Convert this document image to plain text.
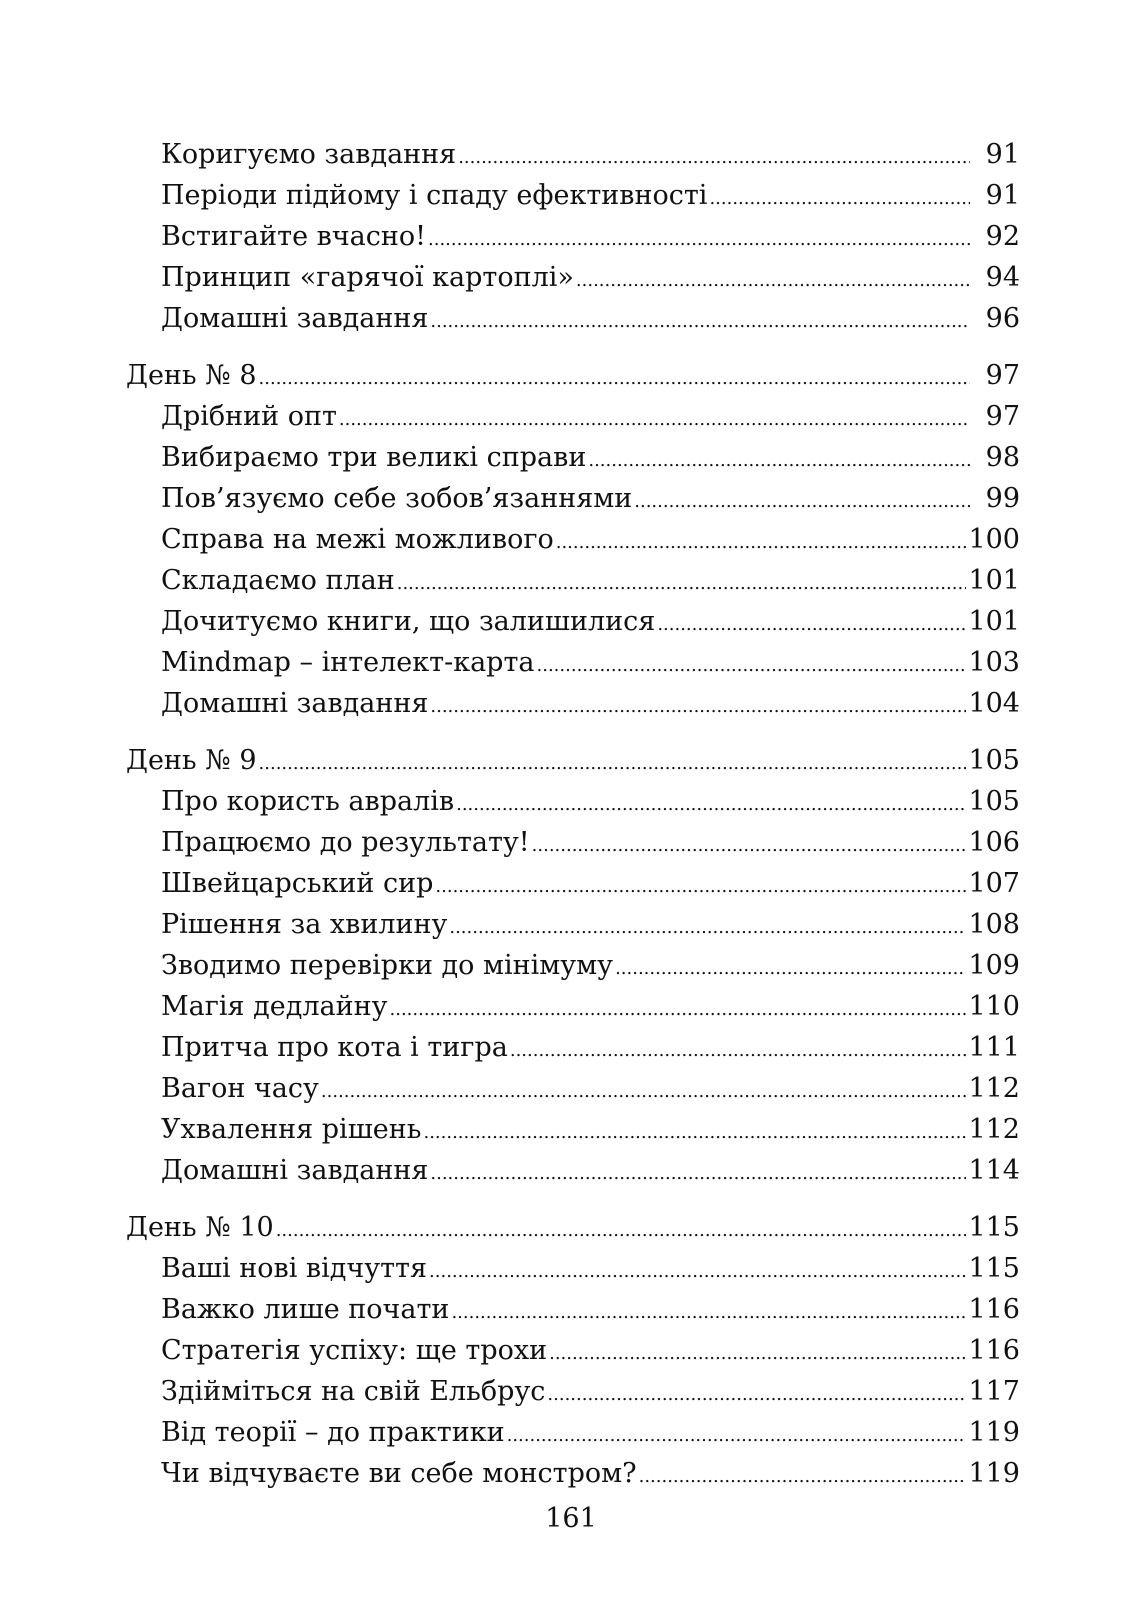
Коригуємо завдання .....	91
Періоди підйому і спаду ефективності .....	91
Встигайте вчасно! .....	92
Принцип «гарячої картоплі» .....	94
Домашні завдання .....	96
День № 8 .....	97
Дрібний опт .....	97
Вибираємо три великі справи .....	98
Пов’язуємо себе зобов’язаннями .....	99
Справа на межі можливого .....	100
Складаємо план .....	101
Дочитуємо книги, що залишилися .....	101
Mindmap – інтелект-карта .....	103
Домашні завдання .....	104
День № 9 .....	105
Про користь авралів .....	105
Працюємо до результату! .....	106
Швейцарський сир .....	107
Рішення за хвилину .....	108
Зводимо перевірки до мінімуму .....	109
Магія дедлайну .....	110
Притча про кота і тигра .....	111
Вагон часу .....	112
Ухвалення рішень .....	112
Домашні завдання .....	114
День № 10 .....	115
Ваші нові відчуття .....	115
Важко лише почати .....	116
Стратегія успіху: ще трохи .....	116
Здійміться на свій Ельбрус .....	117
Від теорії – до практики .....	119
Чи відчуваєте ви себе монстром? .....	119
161
